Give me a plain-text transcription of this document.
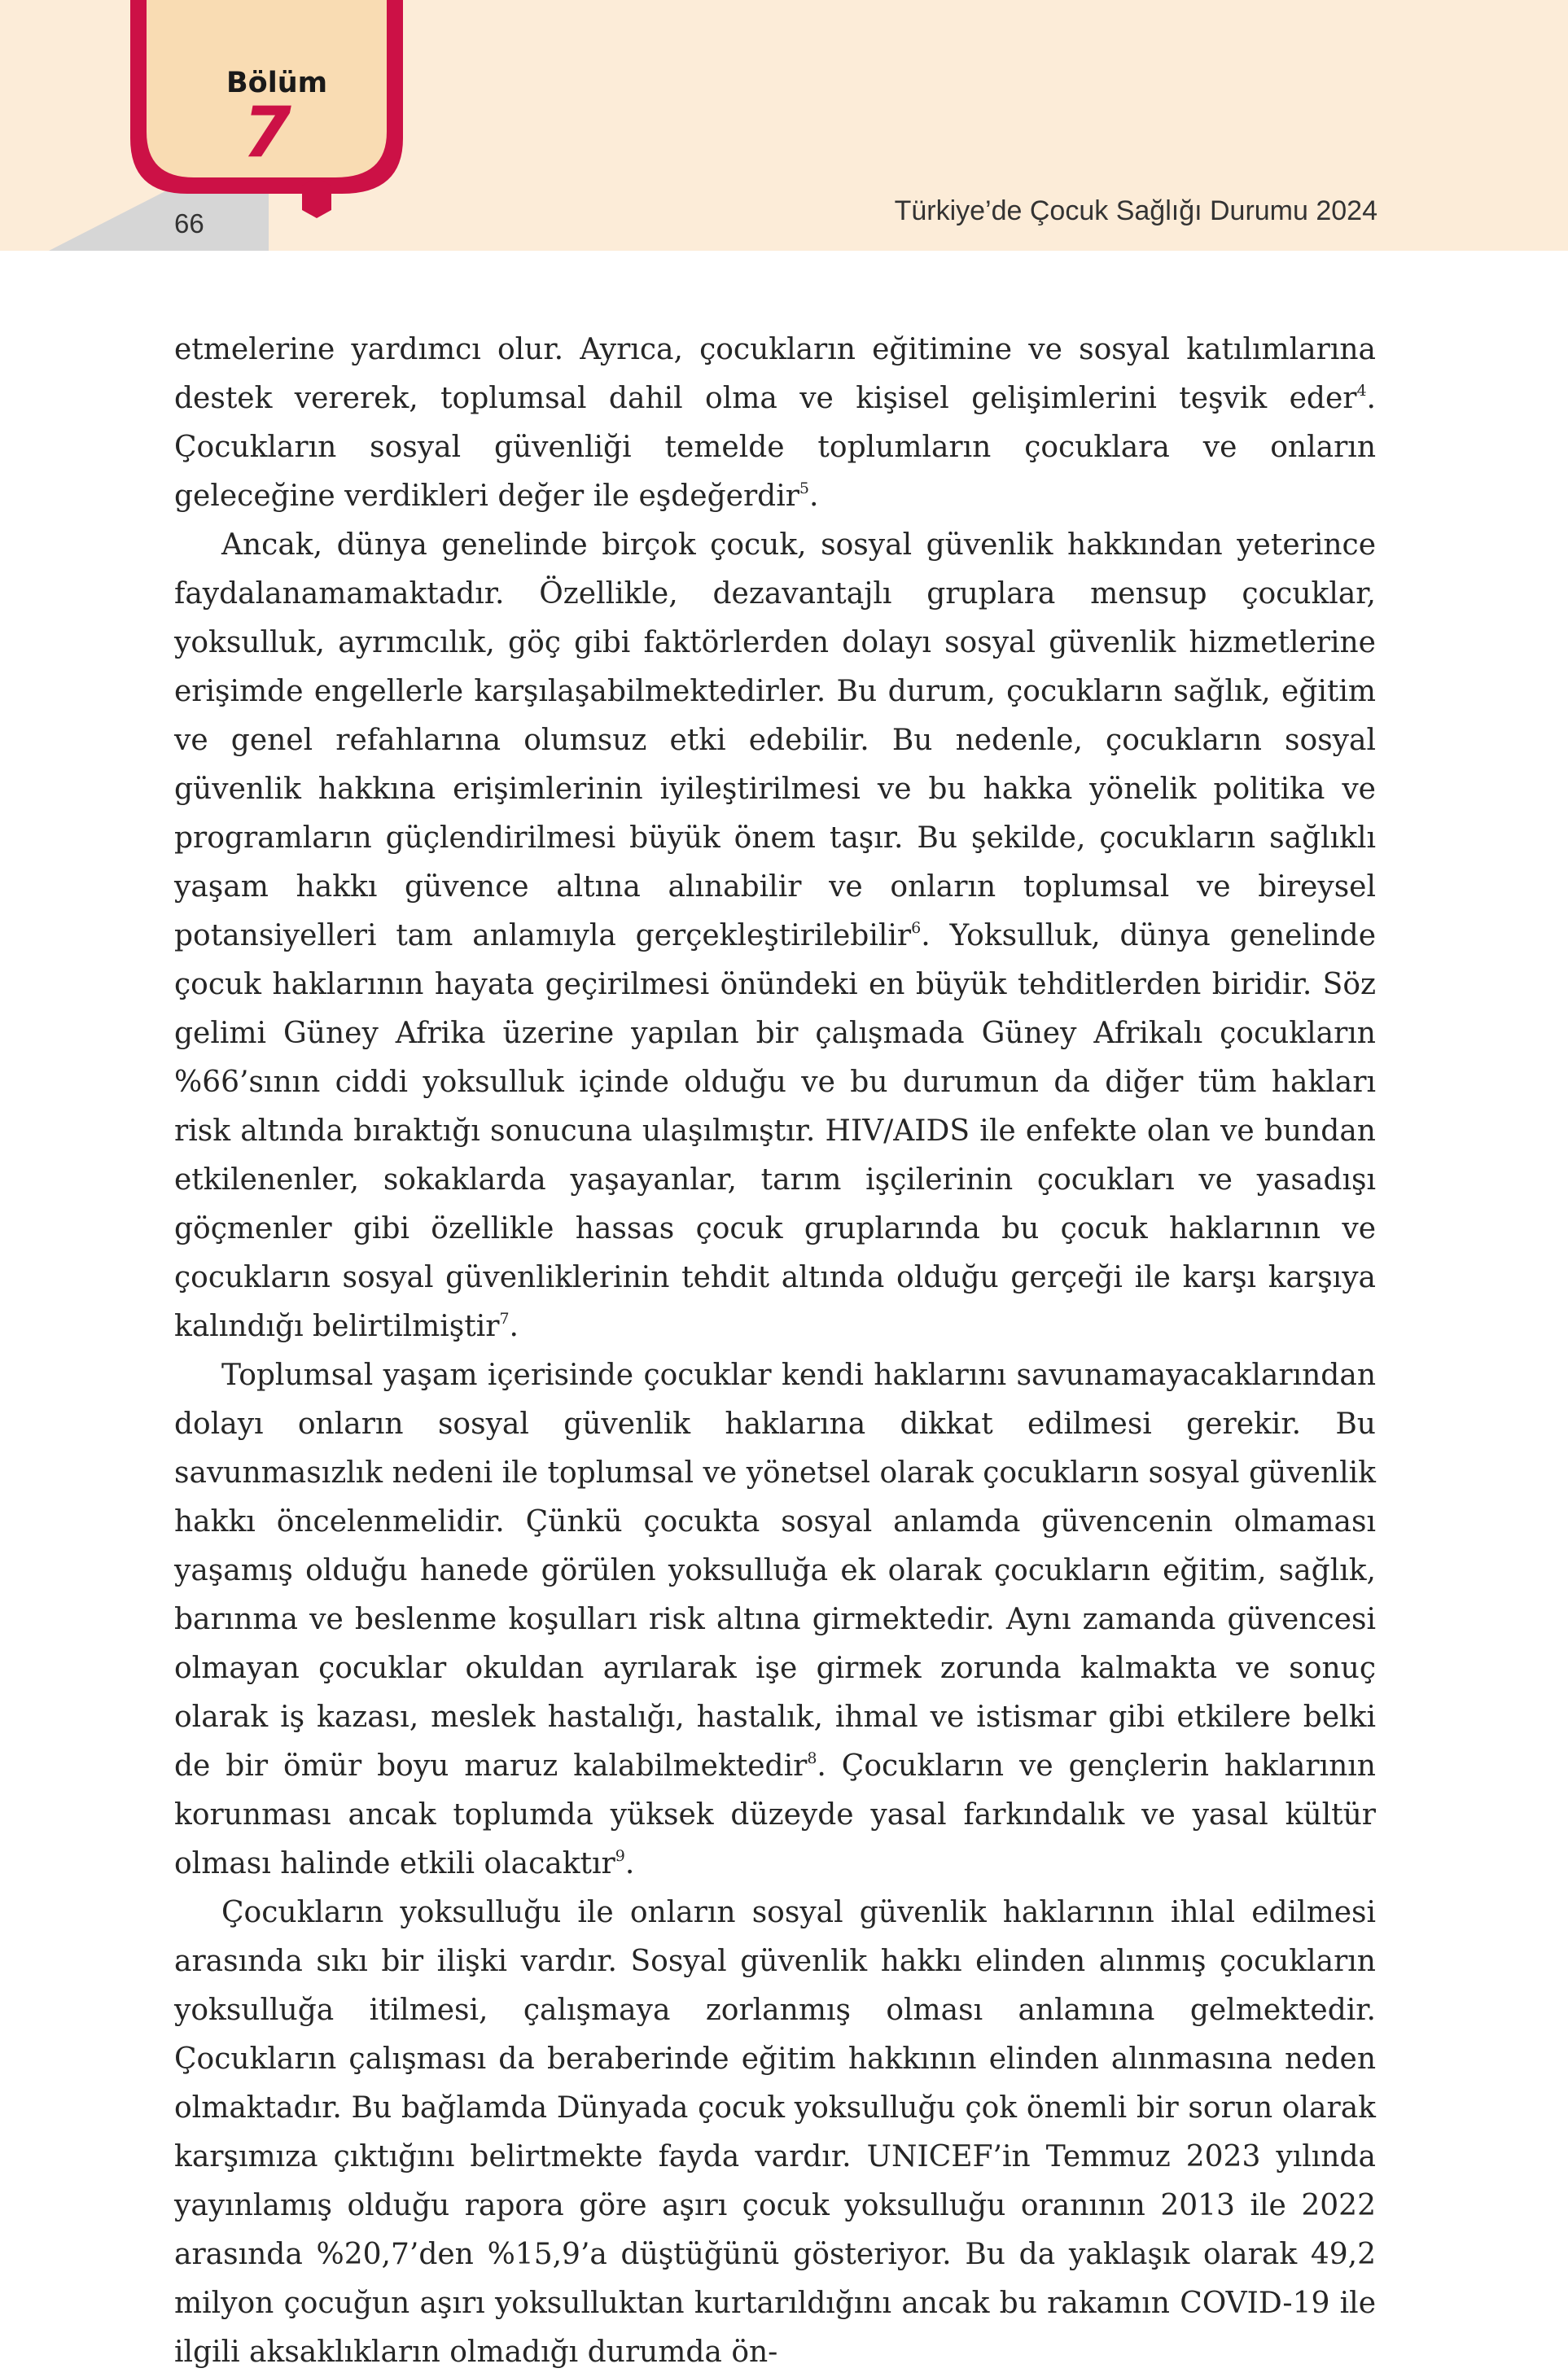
Bölüm
7
66	Türkiye’de Çocuk Sağlığı Durumu 2024

etmelerine yardımcı olur. Ayrıca, çocukların eğitimine ve sosyal katılımlarına destek vererek, toplumsal dahil olma ve kişisel gelişimlerini teşvik eder$^4$. Çocukların sosyal güvenliği temelde toplumların çocuklara ve onların geleceğine verdikleri değer ile eşdeğerdir$^5$.

Ancak, dünya genelinde birçok çocuk, sosyal güvenlik hakkından yeterince faydalanamamaktadır. Özellikle, dezavantajlı gruplara mensup çocuklar, yoksulluk, ayrımcılık, göç gibi faktörlerden dolayı sosyal güvenlik hizmetlerine erişimde engellerle karşılaşabilmektedirler. Bu durum, çocukların sağlık, eğitim ve genel refahlarına olumsuz etki edebilir. Bu nedenle, çocukların sosyal güvenlik hakkına erişimlerinin iyileştirilmesi ve bu hakka yönelik politika ve programların güçlendirilmesi büyük önem taşır. Bu şekilde, çocukların sağlıklı yaşam hakkı güvence altına alınabilir ve onların toplumsal ve bireysel potansiyelleri tam anlamıyla gerçekleştirilebilir$^6$. Yoksulluk, dünya genelinde çocuk haklarının hayata geçirilmesi önündeki en büyük tehditlerden biridir. Söz gelimi Güney Afrika üzerine yapılan bir çalışmada Güney Afrikalı çocukların %66’sının ciddi yoksulluk içinde olduğu ve bu durumun da diğer tüm hakları risk altında bıraktığı sonucuna ulaşılmıştır. HIV/AIDS ile enfekte olan ve bundan etkilenenler, sokaklarda yaşayanlar, tarım işçilerinin çocukları ve yasadışı göçmenler gibi özellikle hassas çocuk gruplarında bu çocuk haklarının ve çocukların sosyal güvenliklerinin tehdit altında olduğu gerçeği ile karşı karşıya kalındığı belirtilmiştir$^7$.

Toplumsal yaşam içerisinde çocuklar kendi haklarını savunamayacaklarından dolayı onların sosyal güvenlik haklarına dikkat edilmesi gerekir. Bu savunmasızlık nedeni ile toplumsal ve yönetsel olarak çocukların sosyal güvenlik hakkı öncelenmelidir. Çünkü çocukta sosyal anlamda güvencenin olmaması yaşamış olduğu hanede görülen yoksulluğa ek olarak çocukların eğitim, sağlık, barınma ve beslenme koşulları risk altına girmektedir. Aynı zamanda güvencesi olmayan çocuklar okuldan ayrılarak işe girmek zorunda kalmakta ve sonuç olarak iş kazası, meslek hastalığı, hastalık, ihmal ve istismar gibi etkilere belki de bir ömür boyu maruz kalabilmektedir$^8$. Çocukların ve gençlerin haklarının korunması ancak toplumda yüksek düzeyde yasal farkındalık ve yasal kültür olması halinde etkili olacaktır$^9$.

Çocukların yoksulluğu ile onların sosyal güvenlik haklarının ihlal edilmesi arasında sıkı bir ilişki vardır. Sosyal güvenlik hakkı elinden alınmış çocukların yoksulluğa itilmesi, çalışmaya zorlanmış olması anlamına gelmektedir. Çocukların çalışması da beraberinde eğitim hakkının elinden alınmasına neden olmaktadır. Bu bağlamda Dünyada çocuk yoksulluğu çok önemli bir sorun olarak karşımıza çıktığını belirtmekte fayda vardır. UNICEF’in Temmuz 2023 yılında yayınlamış olduğu rapora göre aşırı çocuk yoksulluğu oranının 2013 ile 2022 arasında %20,7’den %15,9’a düştüğünü gösteriyor. Bu da yaklaşık olarak 49,2 milyon çocuğun aşırı yoksulluktan kurtarıldığını ancak bu rakamın COVID-19 ile ilgili aksaklıkların olmadığı durumda ön-
